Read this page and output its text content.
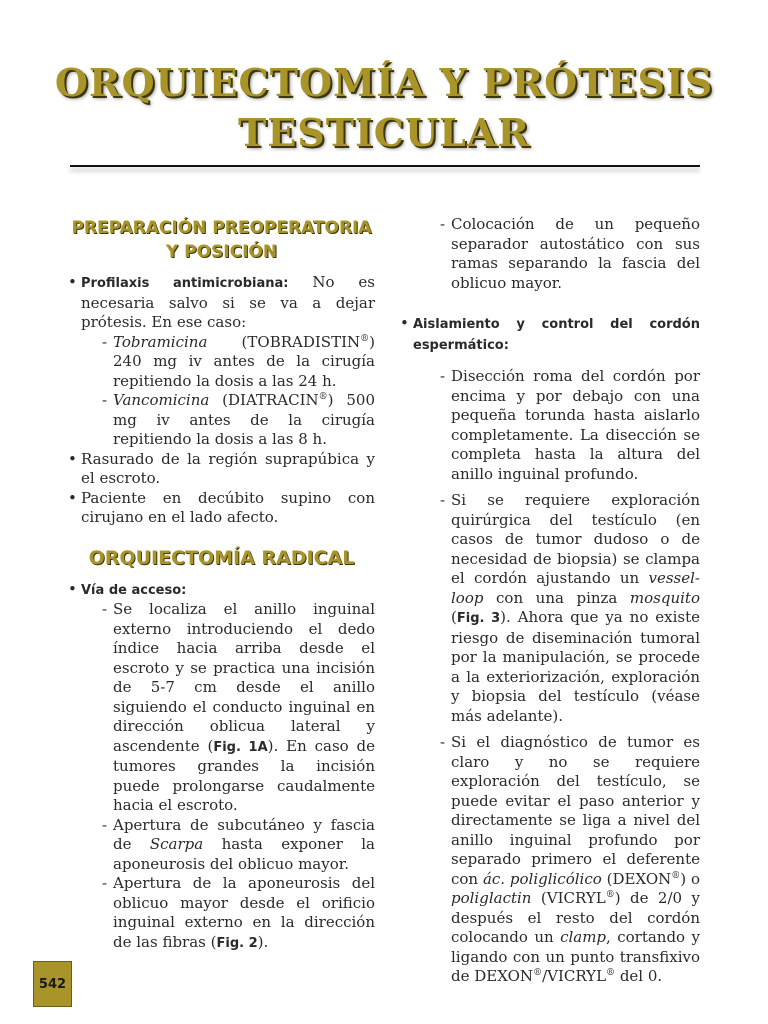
ORQUIECTOMÍA Y PRÓTESIS
TESTICULAR
PREPARACIÓN PREOPERATORIA
Y POSICIÓN
• Profilaxis antimicrobiana: No es necesaria salvo si se va a dejar prótesis. En ese caso:
- Tobramicina (TOBRADISTIN®) 240 mg iv antes de la cirugía repitiendo la dosis a las 24 h.
- Vancomicina (DIATRACIN®) 500 mg iv antes de la cirugía repitiendo la dosis a las 8 h.
• Rasurado de la región suprapúbica y el escroto.
• Paciente en decúbito supino con cirujano en el lado afecto.
ORQUIECTOMÍA RADICAL
• Vía de acceso:
- Se localiza el anillo inguinal externo introduciendo el dedo índice hacia arriba desde el escroto y se practica una incisión de 5-7 cm desde el anillo siguiendo el conducto inguinal en dirección oblicua lateral y ascendente (Fig. 1A). En caso de tumores grandes la incisión puede prolongarse caudalmente hacia el escroto.
- Apertura de subcutáneo y fascia de Scarpa hasta exponer la aponeurosis del oblicuo mayor.
- Apertura de la aponeurosis del oblicuo mayor desde el orificio inguinal externo en la dirección de las fibras (Fig. 2).
- Colocación de un pequeño separador autostático con sus ramas separando la fascia del oblicuo mayor.
• Aislamiento y control del cordón espermático:
- Disección roma del cordón por encima y por debajo con una pequeña torunda hasta aislarlo completamente. La disección se completa hasta la altura del anillo inguinal profundo.
- Si se requiere exploración quirúrgica del testículo (en casos de tumor dudoso o de necesidad de biopsia) se clampa el cordón ajustando un vessel-loop con una pinza mosquito (Fig. 3). Ahora que ya no existe riesgo de diseminación tumoral por la manipulación, se procede a la exteriorización, exploración y biopsia del testículo (véase más adelante).
- Si el diagnóstico de tumor es claro y no se requiere exploración del testículo, se puede evitar el paso anterior y directamente se liga a nivel del anillo inguinal profundo por separado primero el deferente con ác. poliglicólico (DEXON®) o poliglactin (VICRYL®) de 2/0 y después el resto del cordón colocando un clamp, cortando y ligando con un punto transfixivo de DEXON®/VICRYL® del 0.
542
